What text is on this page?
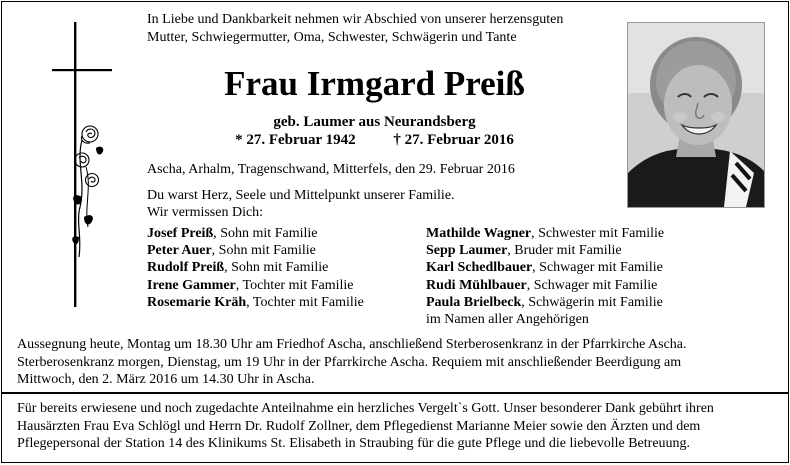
In Liebe und Dankbarkeit nehmen wir Abschied von unserer herzensguten
Mutter, Schwiegermutter, Oma, Schwester, Schwägerin und Tante
Frau Irmgard Preiß
geb. Laumer aus Neurandsberg
* 27. Februar 1942	† 27. Februar 2016
Ascha, Arhalm, Tragenschwand, Mitterfels, den 29. Februar 2016
Du warst Herz, Seele und Mittelpunkt unserer Familie.
Wir vermissen Dich:
Josef Preiß, Sohn mit Familie
Peter Auer, Sohn mit Familie
Rudolf Preiß, Sohn mit Familie
Irene Gammer, Tochter mit Familie
Rosemarie Kräh, Tochter mit Familie
Mathilde Wagner, Schwester mit Familie
Sepp Laumer, Bruder mit Familie
Karl Schedlbauer, Schwager mit Familie
Rudi Mühlbauer, Schwager mit Familie
Paula Brielbeck, Schwägerin mit Familie
im Namen aller Angehörigen
Aussegnung heute, Montag um 18.30 Uhr am Friedhof Ascha, anschließend Sterberosenkranz in der Pfarrkirche Ascha.
Sterberosenkranz morgen, Dienstag, um 19 Uhr in der Pfarrkirche Ascha. Requiem mit anschließender Beerdigung am
Mittwoch, den 2. März 2016 um 14.30 Uhr in Ascha.
Für bereits erwiesene und noch zugedachte Anteilnahme ein herzliches Vergelt`s Gott. Unser besonderer Dank gebührt ihren
Hausärzten Frau Eva Schlögl und Herrn Dr. Rudolf Zollner, dem Pflegedienst Marianne Meier sowie den Ärzten und dem
Pflegepersonal der Station 14 des Klinikums St. Elisabeth in Straubing für die gute Pflege und die liebevolle Betreuung.
